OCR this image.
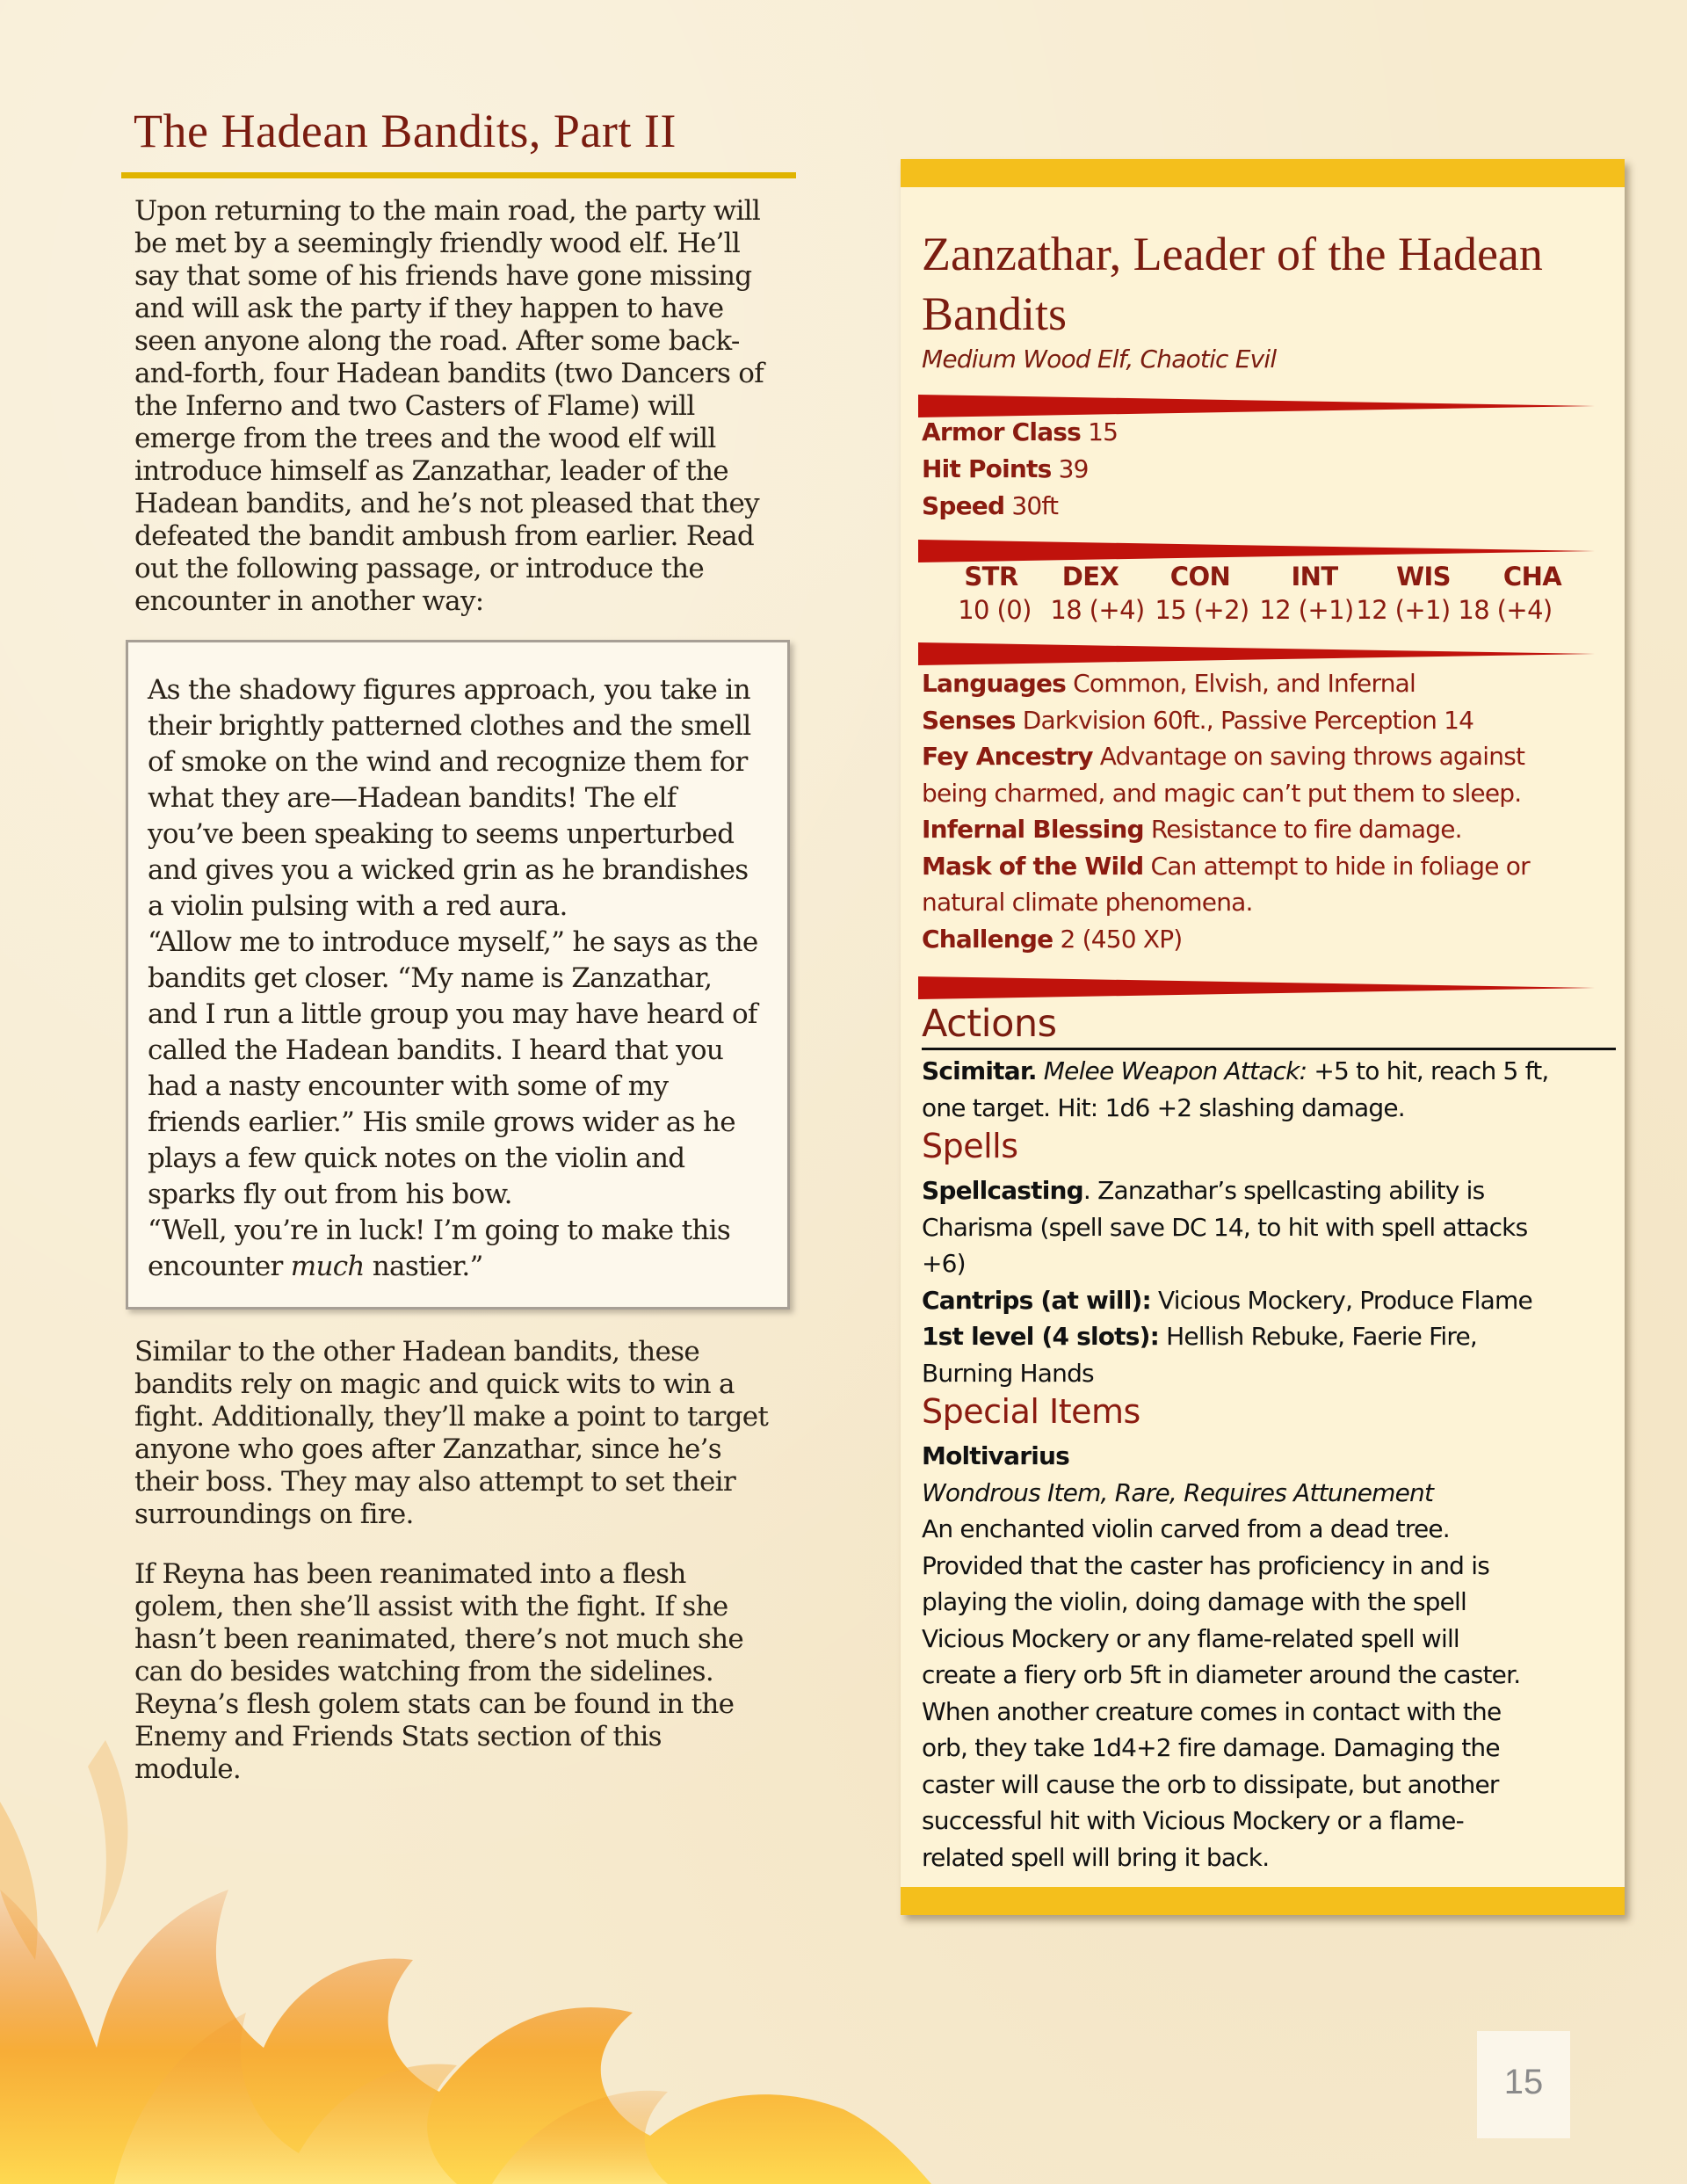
The Hadean Bandits, Part II

Upon returning to the main road, the party will be met by a seemingly friendly wood elf. He’ll say that some of his friends have gone missing and will ask the party if they happen to have seen anyone along the road. After some back-and-forth, four Hadean bandits (two Dancers of the Inferno and two Casters of Flame) will emerge from the trees and the wood elf will introduce himself as Zanzathar, leader of the Hadean bandits, and he’s not pleased that they defeated the bandit ambush from earlier. Read out the following passage, or introduce the encounter in another way:

As the shadowy figures approach, you take in their brightly patterned clothes and the smell of smoke on the wind and recognize them for what they are—Hadean bandits! The elf you’ve been speaking to seems unperturbed and gives you a wicked grin as he brandishes a violin pulsing with a red aura.

“Allow me to introduce myself,” he says as the bandits get closer. “My name is Zanzathar, and I run a little group you may have heard of called the Hadean bandits. I heard that you had a nasty encounter with some of my friends earlier.” His smile grows wider as he plays a few quick notes on the violin and sparks fly out from his bow.

“Well, you’re in luck! I’m going to make this encounter much nastier.”

Similar to the other Hadean bandits, these bandits rely on magic and quick wits to win a fight. Additionally, they’ll make a point to target anyone who goes after Zanzathar, since he’s their boss. They may also attempt to set their surroundings on fire.

If Reyna has been reanimated into a flesh golem, then she’ll assist with the fight. If she hasn’t been reanimated, there’s not much she can do besides watching from the sidelines. Reyna’s flesh golem stats can be found in the Enemy and Friends Stats section of this module.

Zanzathar, Leader of the Hadean Bandits
Medium Wood Elf, Chaotic Evil
Armor Class 15
Hit Points 39
Speed 30ft
STR	DEX	CON	INT	WIS	CHA
10 (0) 18 (+4) 15 (+2) 12 (+1) 12 (+1) 18 (+4)
Languages Common, Elvish, and Infernal
Senses Darkvision 60ft., Passive Perception 14
Fey Ancestry Advantage on saving throws against
being charmed, and magic can’t put them to sleep.
Infernal Blessing Resistance to fire damage.
Mask of the Wild Can attempt to hide in foliage or
natural climate phenomena.
Challenge 2 (450 XP)
Actions

Scimitar. Melee Weapon Attack: +5 to hit, reach 5 ft,
one target. Hit: 1d6 +2 slashing damage.

Spells

Spellcasting. Zanzathar’s spellcasting ability is
Charisma (spell save DC 14, to hit with spell attacks
+6)
Cantrips (at will): Vicious Mockery, Produce Flame
1st level (4 slots): Hellish Rebuke, Faerie Fire,
Burning Hands

Special Items

Moltivarius
Wondrous Item, Rare, Requires Attunement
An enchanted violin carved from a dead tree.
Provided that the caster has proficiency in and is
playing the violin, doing damage with the spell
Vicious Mockery or any flame-related spell will
create a fiery orb 5ft in diameter around the caster.
When another creature comes in contact with the
orb, they take 1d4+2 fire damage. Damaging the
caster will cause the orb to dissipate, but another
successful hit with Vicious Mockery or a flame-
related spell will bring it back.

15
